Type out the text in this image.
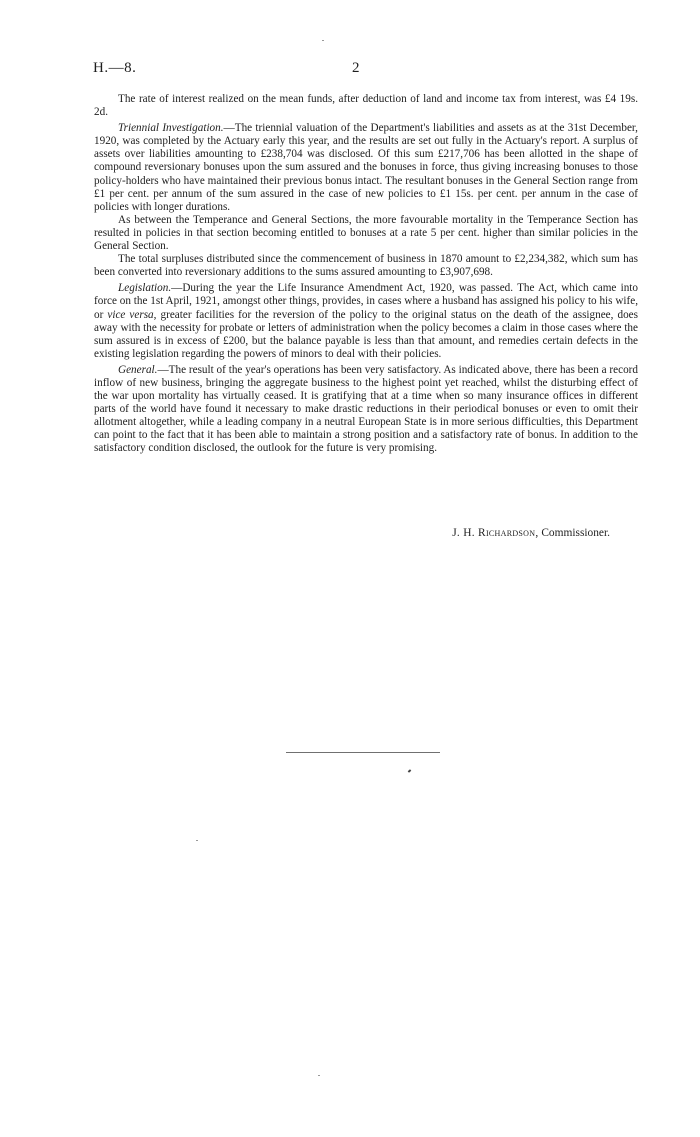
H.—8.	2

The rate of interest realized on the mean funds, after deduction of land and income tax from interest, was £4 19s. 2d.

Triennial Investigation.—The triennial valuation of the Department's liabilities and assets as at the 31st December, 1920, was completed by the Actuary early this year, and the results are set out fully in the Actuary's report. A surplus of assets over liabilities amounting to £238,704 was disclosed. Of this sum £217,706 has been allotted in the shape of compound reversionary bonuses upon the sum assured and the bonuses in force, thus giving increasing bonuses to those policy-holders who have maintained their previous bonus intact. The resultant bonuses in the General Section range from £1 per cent. per annum of the sum assured in the case of new policies to £1 15s. per cent. per annum in the case of policies with longer durations.

As between the Temperance and General Sections, the more favourable mortality in the Temperance Section has resulted in policies in that section becoming entitled to bonuses at a rate 5 per cent. higher than similar policies in the General Section.

The total surpluses distributed since the commencement of business in 1870 amount to £2,234,382, which sum has been converted into reversionary additions to the sums assured amounting to £3,907,698.

Legislation.—During the year the Life Insurance Amendment Act, 1920, was passed. The Act, which came into force on the 1st April, 1921, amongst other things, provides, in cases where a husband has assigned his policy to his wife, or vice versa, greater facilities for the reversion of the policy to the original status on the death of the assignee, does away with the necessity for probate or letters of administration when the policy becomes a claim in those cases where the sum assured is in excess of £200, but the balance payable is less than that amount, and remedies certain defects in the existing legislation regarding the powers of minors to deal with their policies.

General.—The result of the year's operations has been very satisfactory. As indicated above, there has been a record inflow of new business, bringing the aggregate business to the highest point yet reached, whilst the disturbing effect of the war upon mortality has virtually ceased. It is gratifying that at a time when so many insurance offices in different parts of the world have found it necessary to make drastic reductions in their periodical bonuses or even to omit their allotment altogether, while a leading company in a neutral European State is in more serious difficulties, this Department can point to the fact that it has been able to maintain a strong position and a satisfactory rate of bonus. In addition to the satisfactory condition disclosed, the outlook for the future is very promising.

J. H. Richardson, Commissioner.
